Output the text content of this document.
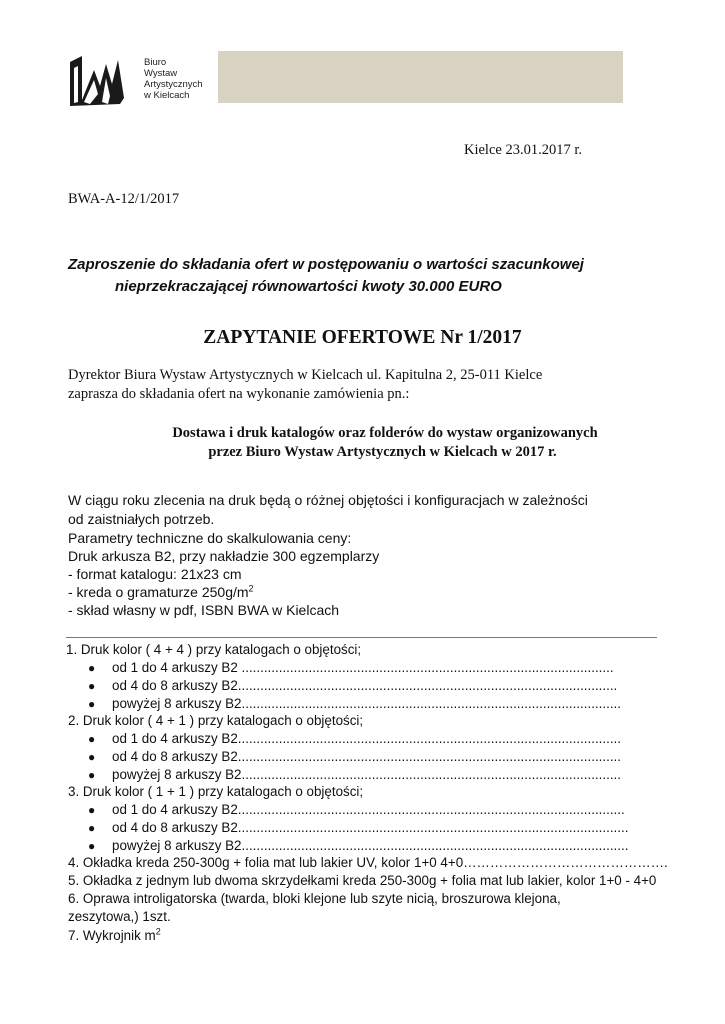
Biuro
Wystaw
Artystycznych
w Kielcach
Kielce 23.01.2017 r.
BWA-A-12/1/2017
Zaproszenie do składania ofert w postępowaniu o wartości szacunkowej
nieprzekraczającej równowartości kwoty 30.000 EURO
ZAPYTANIE OFERTOWE Nr 1/2017
Dyrektor Biura Wystaw Artystycznych w Kielcach ul. Kapitulna 2, 25-011 Kielce
zaprasza do składania ofert na wykonanie zamówienia pn.:
Dostawa i druk katalogów oraz folderów do wystaw organizowanych
przez Biuro Wystaw Artystycznych w Kielcach w 2017 r.
W ciągu roku zlecenia na druk będą o różnej objętości i konfiguracjach w zależności
od zaistniałych potrzeb.
Parametry techniczne do skalkulowania ceny:
Druk arkusza B2, przy nakładzie 300 egzemplarzy
- format katalogu: 21x23 cm
- kreda o gramaturze $250g/m^2$
- skład własny w pdf, ISBN BWA w Kielcach
1. Druk kolor ( 4 + 4 ) przy katalogach o objętości;
● od 1 do 4 arkuszy B2 ....................................................................................................
● od 4 do 8 arkuszy B2......................................................................................................
● powyżej 8 arkuszy B2......................................................................................................
2. Druk kolor ( 4 + 1 ) przy katalogach o objętości;
● od 1 do 4 arkuszy B2.......................................................................................................
● od 4 do 8 arkuszy B2.......................................................................................................
● powyżej 8 arkuszy B2......................................................................................................
3. Druk kolor ( 1 + 1 ) przy katalogach o objętości;
● od 1 do 4 arkuszy B2........................................................................................................
● od 4 do 8 arkuszy B2.........................................................................................................
● powyżej 8 arkuszy B2........................................................................................................
4. Okładka kreda 250-300g + folia mat lub lakier UV, kolor 1+0 4+0……………………………………….
5. Okładka z jednym lub dwoma skrzydełkami kreda 250-300g + folia mat lub lakier, kolor 1+0 - 4+0
6. Oprawa introligatorska (twarda, bloki klejone lub szyte nicią, broszurowa klejona,
zeszytowa,) 1szt.
7. Wykrojnik $m^2$
